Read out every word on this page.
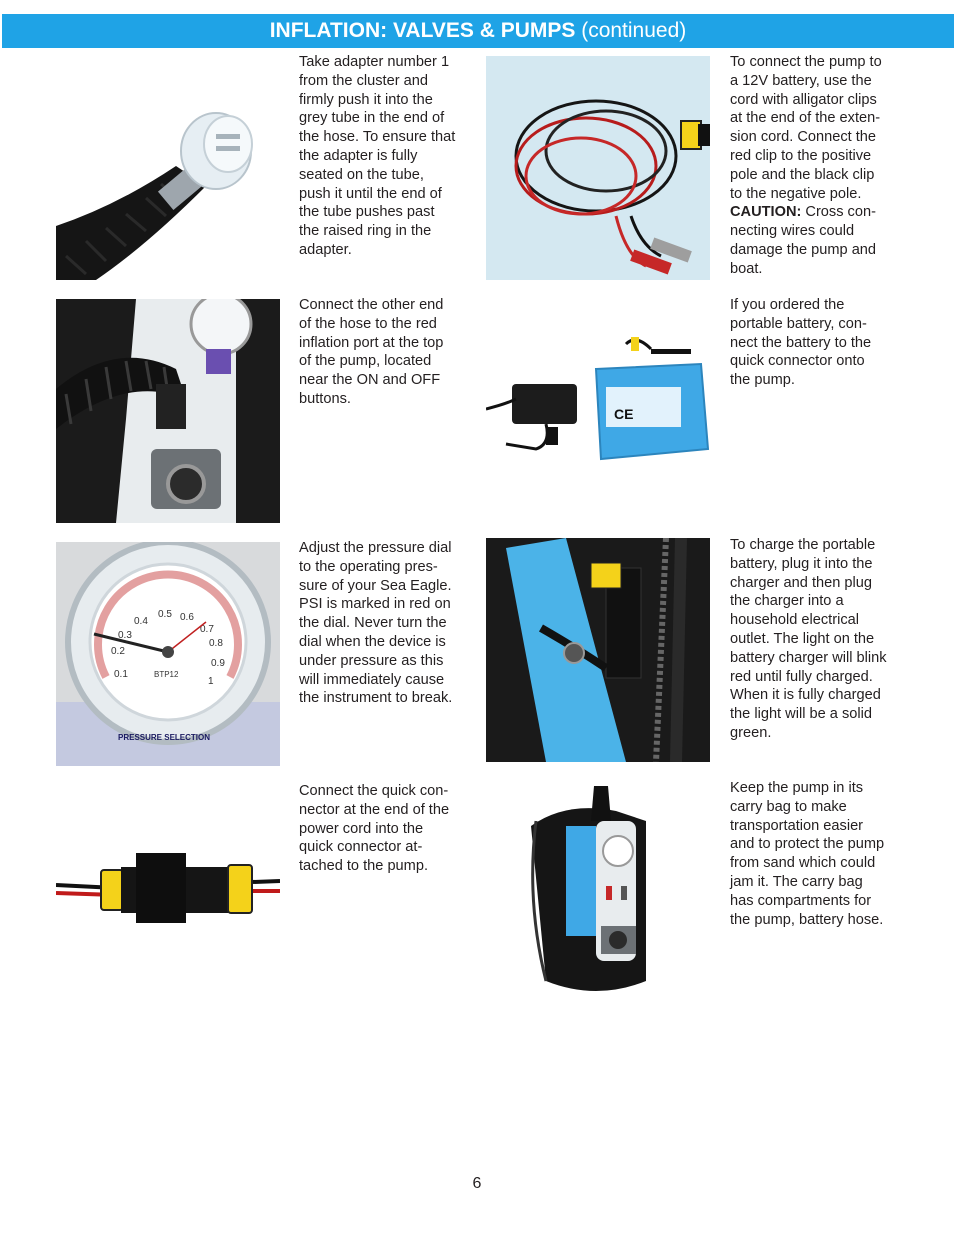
INFLATION: VALVES & PUMPS (continued)
Take adapter number 1
from the cluster and
firmly push it into the
grey tube in the end of
the hose. To ensure that
the adapter is fully
seated on the tube,
push it until the end of
the tube pushes past
the raised ring in the
adapter.
Connect the other end
of the hose to the red
inflation port at the top
of the pump, located
near the ON and OFF
buttons.
0.1
0.2
0.3
0.4
0.5 0.6
0.7
0.8
0.9
1
BTP12
PRESSURE SELECTION
Adjust the pressure dial
to the operating pres-
sure of your Sea Eagle.
PSI is marked in red on
the dial. Never turn the
dial when the device is
under pressure as this
will immediately cause
the instrument to break.
Connect the quick con-
nector at the end of the
power cord into the
quick connector at-
tached to the pump.
To connect the pump to
a 12V battery, use the
cord with alligator clips
at the end of the exten-
sion cord. Connect the
red clip to the positive
pole and the black clip
to the negative pole.
CAUTION: Cross con-
necting wires could
damage the pump and
boat.
CE
If you ordered the
portable battery, con-
nect the battery to the
quick connector onto
the pump.
To charge the portable
battery, plug it into the
charger and then plug
the charger into a
household electrical
outlet. The light on the
battery charger will blink
red until fully charged.
When it is fully charged
the light will be a solid
green.
Keep the pump in its
carry bag to make
transportation easier
and to protect the pump
from sand which could
jam it. The carry bag
has compartments for
the pump, battery hose.
6
